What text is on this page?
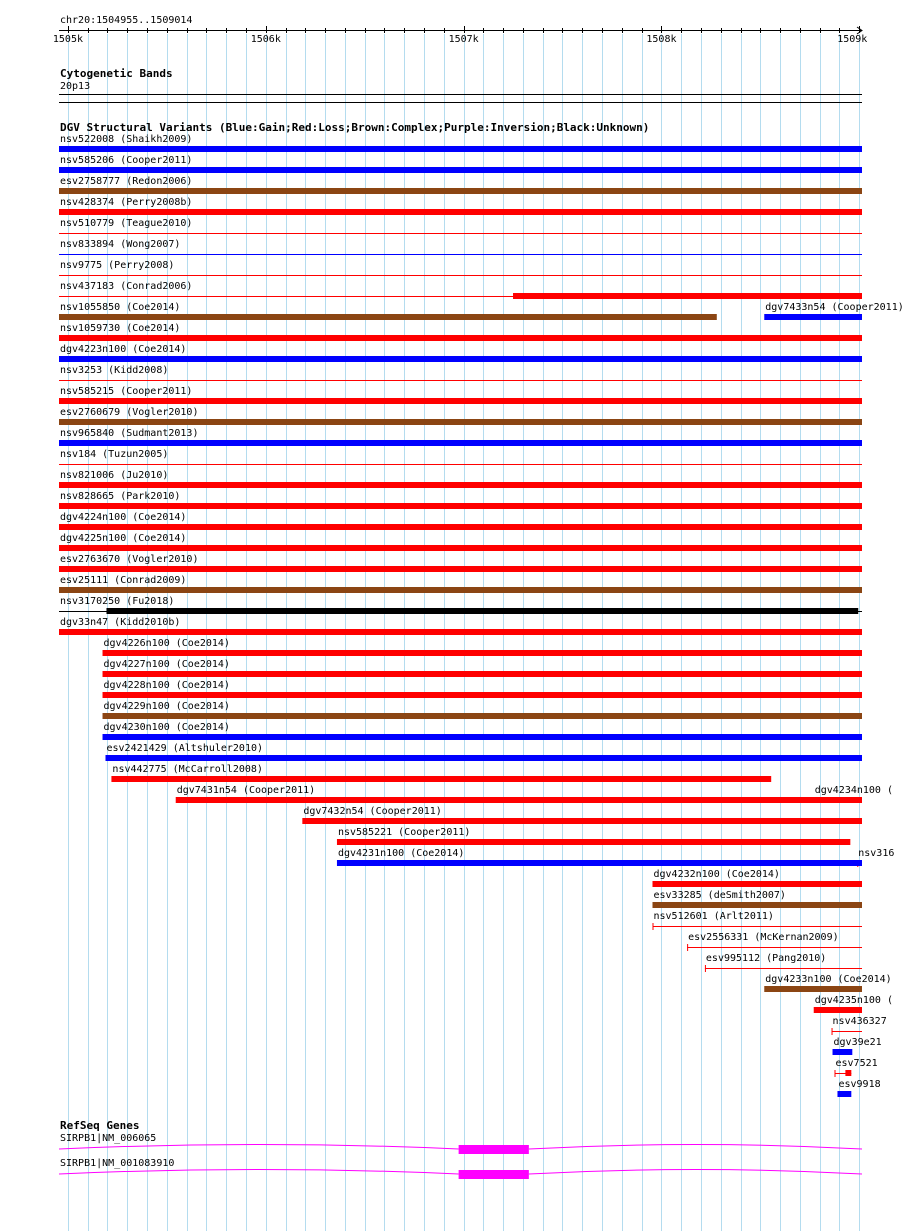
chr20:1504955..1509014
1505k	1506k	1507k	1508k	1509k
Cytogenetic Bands
20p13
DGV Structural Variants (Blue:Gain;Red:Loss;Brown:Complex;Purple:Inversion;Black:Unknown)
nsv522008 (Shaikh2009)
nsv585206 (Cooper2011)
esv2758777 (Redon2006)
nsv428374 (Perry2008b)
nsv510779 (Teague2010)
nsv833894 (Wong2007)
nsv9775 (Perry2008)
nsv437183 (Conrad2006)
nsv1055850 (Coe2014)	dgv7433n54 (Cooper2011)
nsv1059730 (Coe2014)
dgv4223n100 (Coe2014)
nsv3253 (Kidd2008)
nsv585215 (Cooper2011)
esv2760679 (Vogler2010)
nsv965840 (Sudmant2013)
nsv184 (Tuzun2005)
nsv821006 (Ju2010)
nsv828665 (Park2010)
dgv4224n100 (Coe2014)
dgv4225n100 (Coe2014)
esv2763670 (Vogler2010)
esv25111 (Conrad2009)
nsv3170250 (Fu2018)
dgv33n47 (Kidd2010b)
dgv4226n100 (Coe2014)
dgv4227n100 (Coe2014)
dgv4228n100 (Coe2014)
dgv4229n100 (Coe2014)
dgv4230n100 (Coe2014)
esv2421429 (Altshuler2010)
nsv442775 (McCarroll2008)
dgv4234n100 (
dgv7431n54 (Cooper2011)
dgv7432n54 (Cooper2011)
nsv585221 (Cooper2011)
nsv316
dgv4231n100 (Coe2014)
dgv4232n100 (Coe2014)
esv33285 (deSmith2007)
nsv512601 (Arlt2011)
esv2556331 (McKernan2009)
esv995112 (Pang2010)
dgv4233n100 (Coe2014)
dgv4235n100 (
nsv436327
dgv39e21
esv7521
esv9918
RefSeq Genes
SIRPB1|NM_006065
SIRPB1|NM_001083910
